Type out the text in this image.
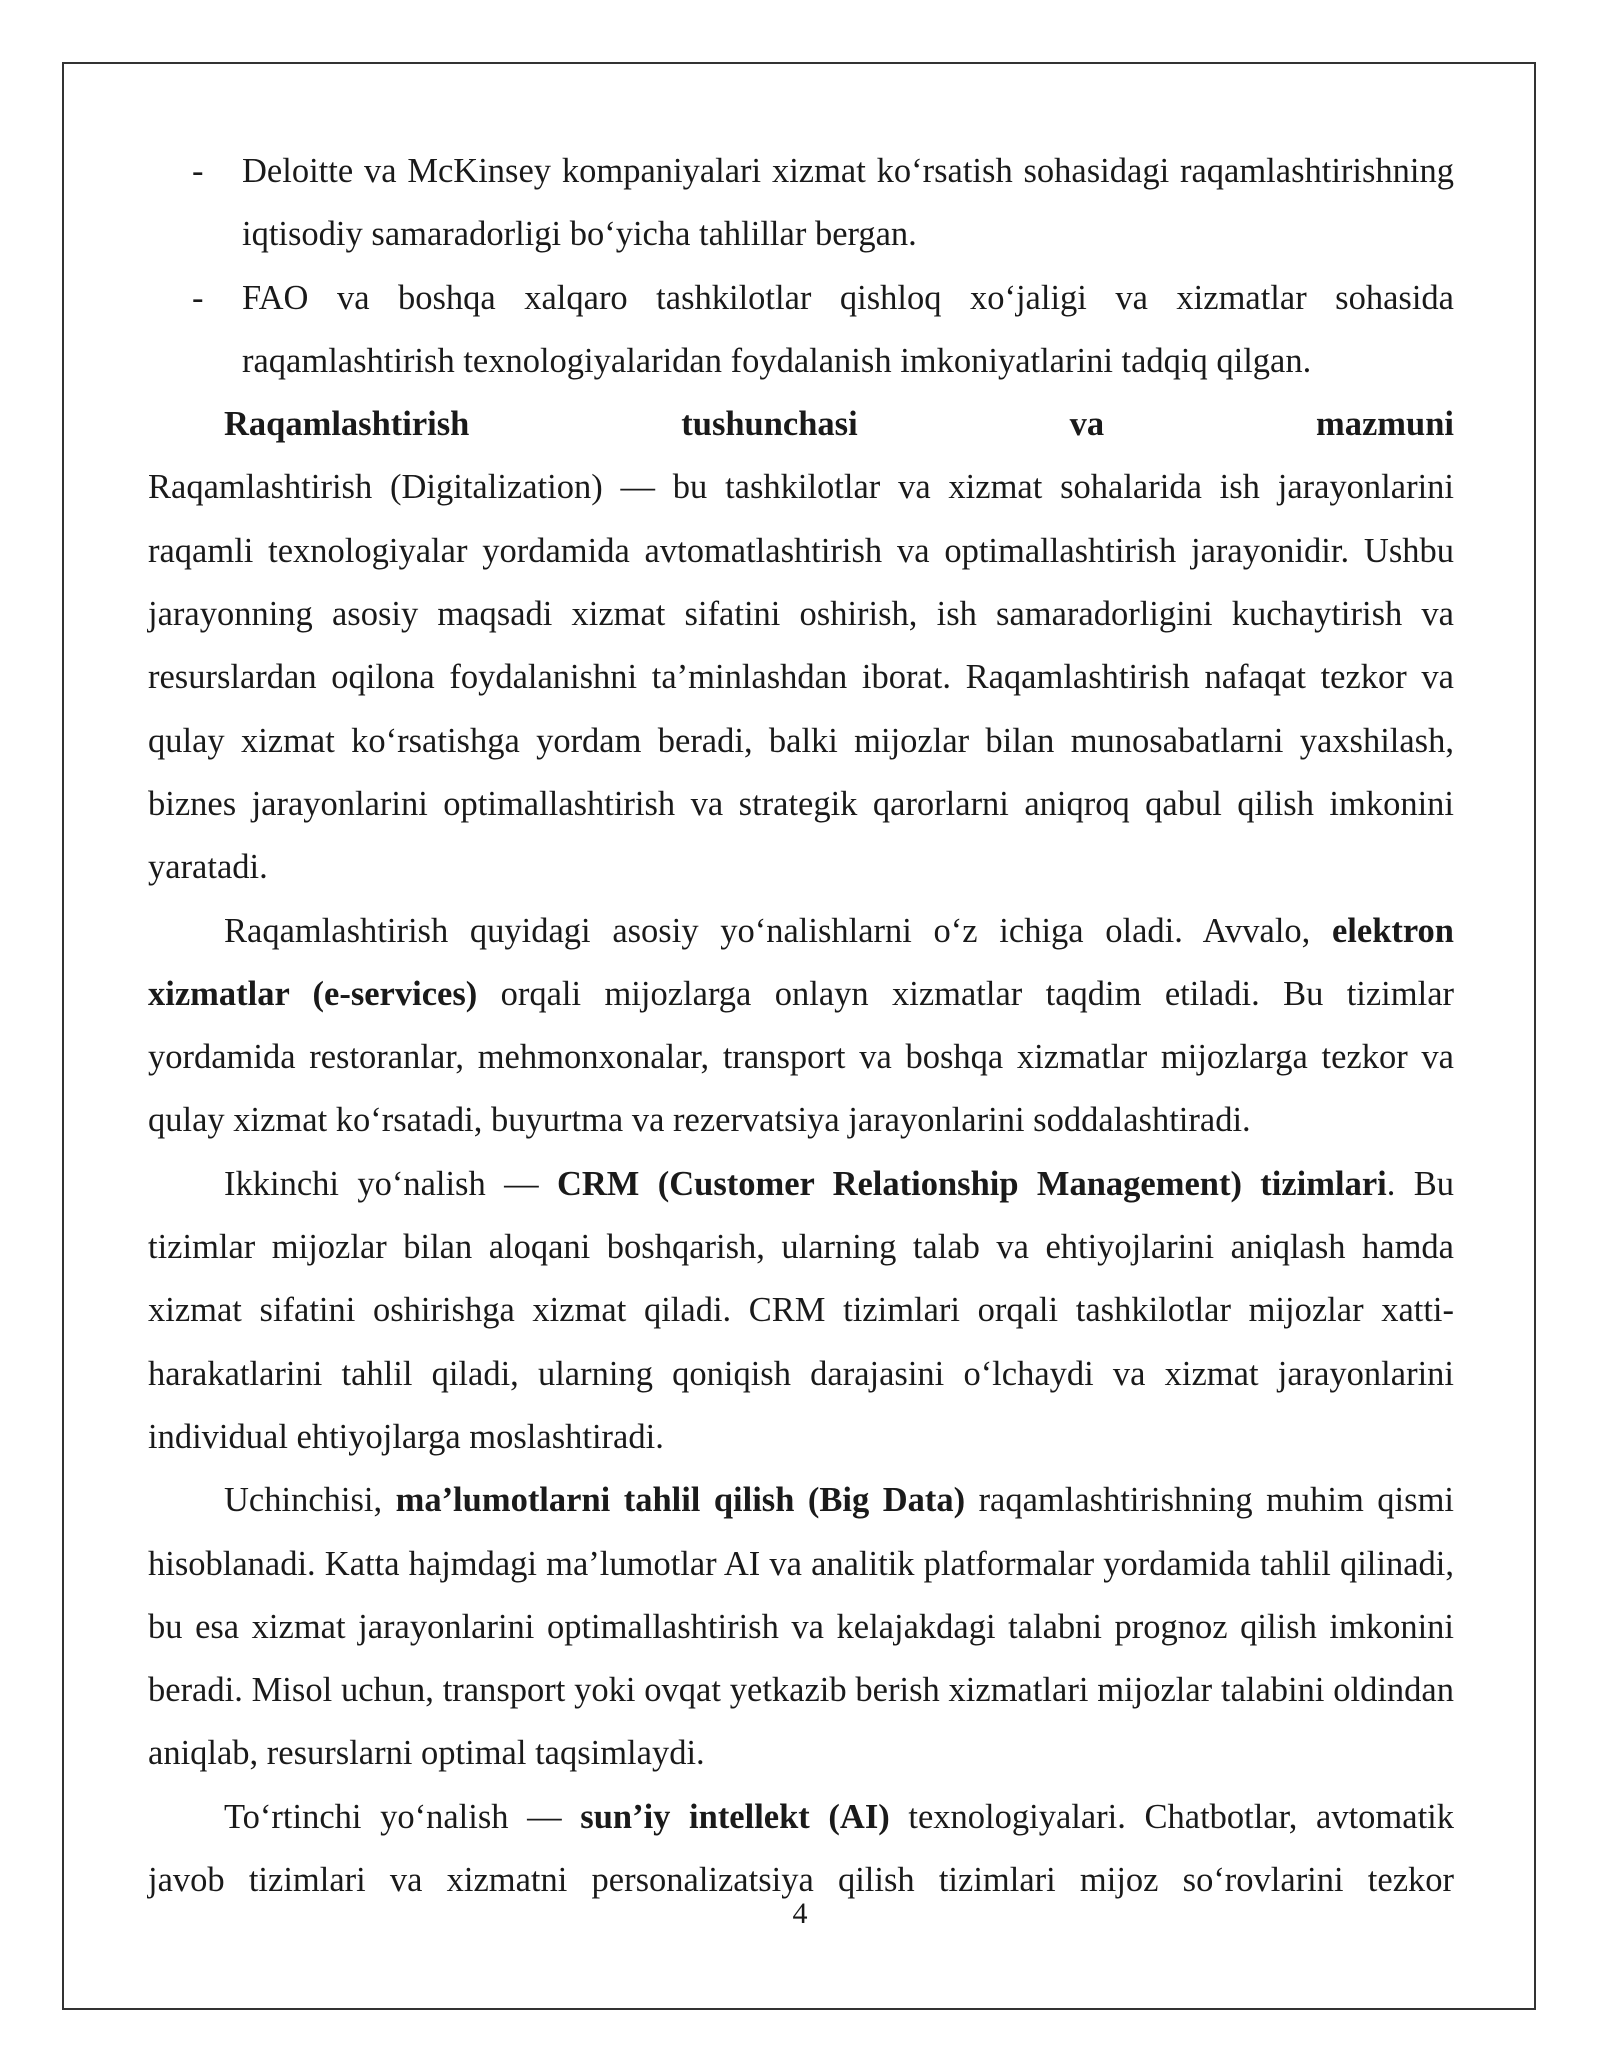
- Deloitte va McKinsey kompaniyalari xizmat ko‘rsatish sohasidagi raqamlashtirishning iqtisodiy samaradorligi bo‘yicha tahlillar bergan.
- FAO va boshqa xalqaro tashkilotlar qishloq xo‘jaligi va xizmatlar sohasida raqamlashtirish texnologiyalaridan foydalanish imkoniyatlarini tadqiq qilgan.

Raqamlashtirish tushunchasi va mazmuni

Raqamlashtirish (Digitalization) — bu tashkilotlar va xizmat sohalarida ish jarayonlarini raqamli texnologiyalar yordamida avtomatlashtirish va optimallashtirish jarayonidir. Ushbu jarayonning asosiy maqsadi xizmat sifatini oshirish, ish samaradorligini kuchaytirish va resurslardan oqilona foydalanishni ta’minlashdan iborat. Raqamlashtirish nafaqat tezkor va qulay xizmat ko‘rsatishga yordam beradi, balki mijozlar bilan munosabatlarni yaxshilash, biznes jarayonlarini optimallashtirish va strategik qarorlarni aniqroq qabul qilish imkonini yaratadi.

Raqamlashtirish quyidagi asosiy yo‘nalishlarni o‘z ichiga oladi. Avvalo, elektron xizmatlar (e-services) orqali mijozlarga onlayn xizmatlar taqdim etiladi. Bu tizimlar yordamida restoranlar, mehmonxonalar, transport va boshqa xizmatlar mijozlarga tezkor va qulay xizmat ko‘rsatadi, buyurtma va rezervatsiya jarayonlarini soddalashtiradi.

Ikkinchi yo‘nalish — CRM (Customer Relationship Management) tizimlari. Bu tizimlar mijozlar bilan aloqani boshqarish, ularning talab va ehtiyojlarini aniqlash hamda xizmat sifatini oshirishga xizmat qiladi. CRM tizimlari orqali tashkilotlar mijozlar xatti-harakatlarini tahlil qiladi, ularning qoniqish darajasini o‘lchaydi va xizmat jarayonlarini individual ehtiyojlarga moslashtiradi.

Uchinchisi, ma’lumotlarni tahlil qilish (Big Data) raqamlashtirishning muhim qismi hisoblanadi. Katta hajmdagi ma’lumotlar AI va analitik platformalar yordamida tahlil qilinadi, bu esa xizmat jarayonlarini optimallashtirish va kelajakdagi talabni prognoz qilish imkonini beradi. Misol uchun, transport yoki ovqat yetkazib berish xizmatlari mijozlar talabini oldindan aniqlab, resurslarni optimal taqsimlaydi.

To‘rtinchi yo‘nalish — sun’iy intellekt (AI) texnologiyalari. Chatbotlar, avtomatik javob tizimlari va xizmatni personalizatsiya qilish tizimlari mijoz so‘rovlarini tezkor

4
